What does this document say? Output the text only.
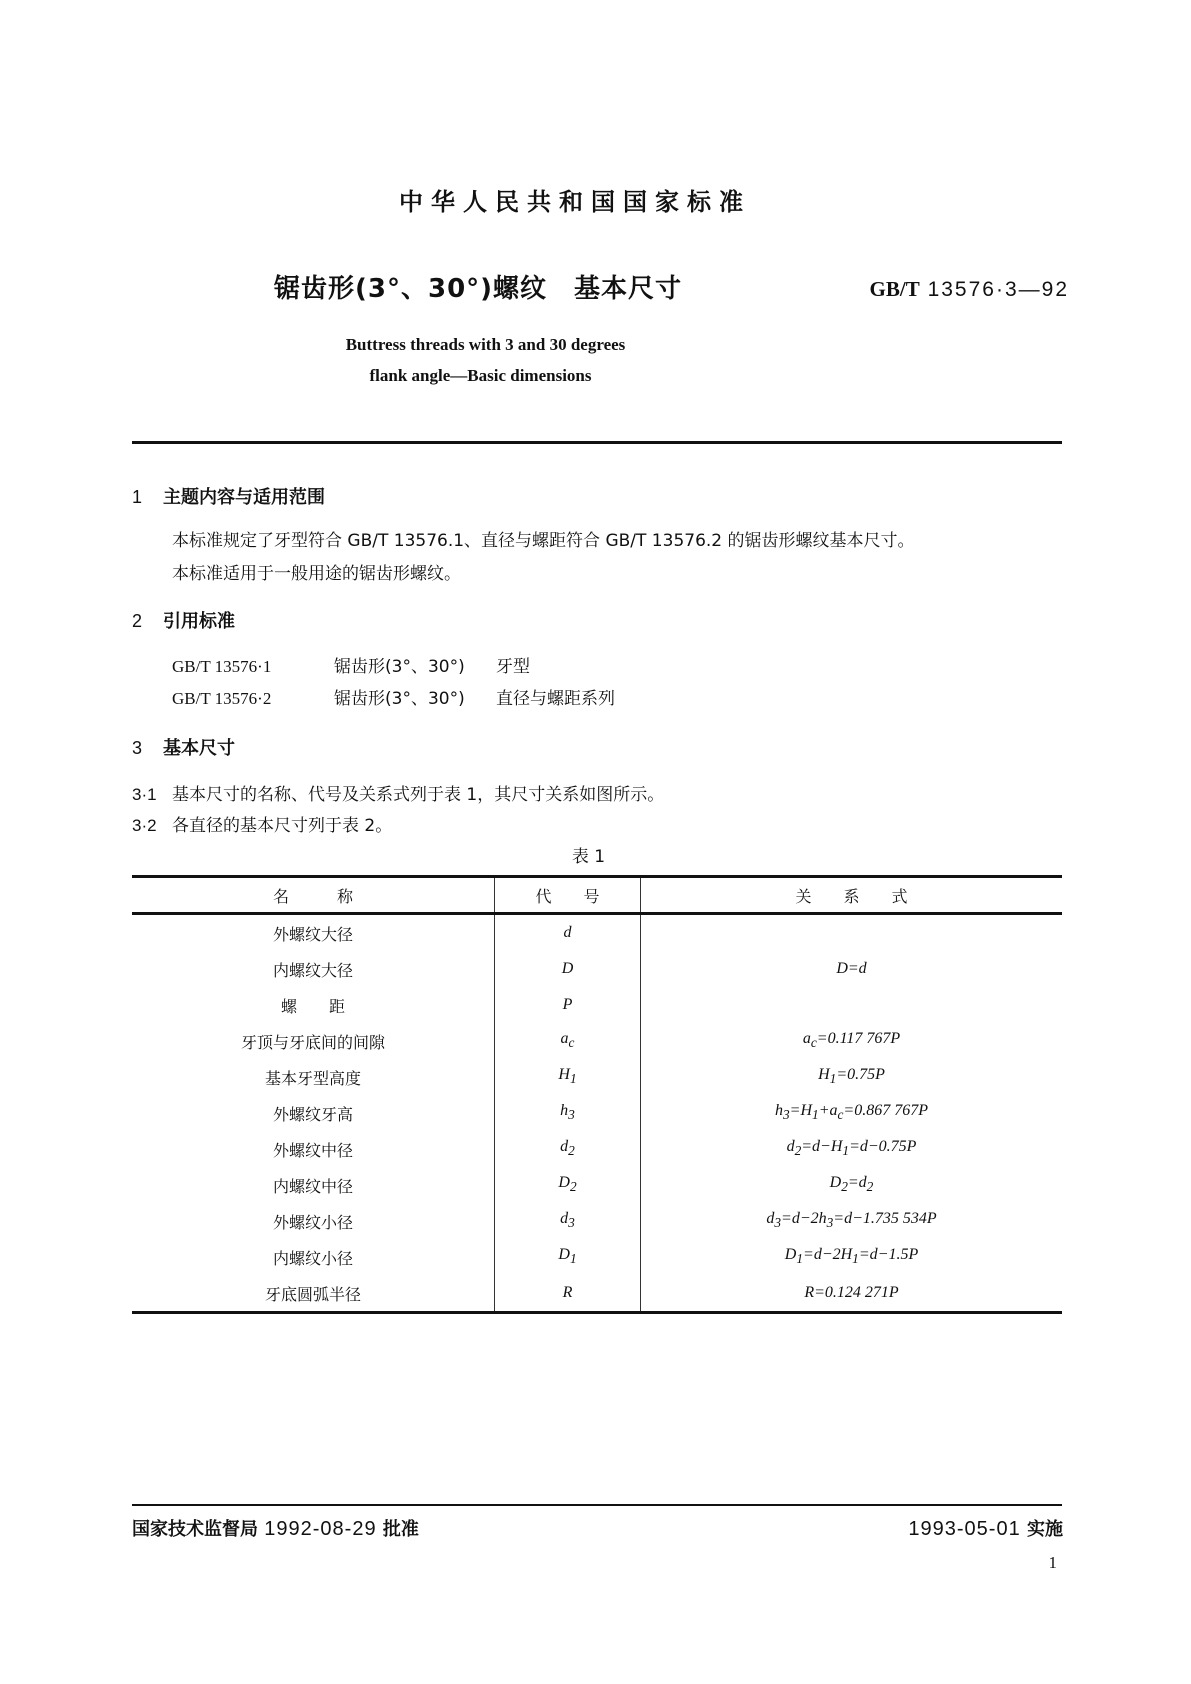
中华人民共和国国家标准
锯齿形(3°、30°)螺纹　基本尺寸	GB/T 13576·3—92
Buttress threads with 3 and 30 degrees
flank angle—Basic dimensions
1 主题内容与适用范围
本标准规定了牙型符合 GB/T 13576.1、直径与螺距符合 GB/T 13576.2 的锯齿形螺纹基本尺寸。
本标准适用于一般用途的锯齿形螺纹。
2 引用标准
GB/T 13576·1	锯齿形(3°、30°) 牙型
GB/T 13576·2	锯齿形(3°、30°) 直径与螺距系列
3 基本尺寸
3·1 基本尺寸的名称、代号及关系式列于表 1，其尺寸关系如图所示。
3·2 各直径的基本尺寸列于表 2。
表 1
名　　　称	代　　号	关　　系　　式
外螺纹大径	d	
内螺纹大径	D	D=d
螺　　距	P	
牙顶与牙底间的间隙	$a_c$	$a_c=0.117$ 767P
基本牙型高度	$H_1$	$H_1=0.75P$
外螺纹牙高	$h_3$	$h_3=H_1+a_c=0.867$ 767P
外螺纹中径	$d_2$	$d_2=d-H_1=d-0.75P$
内螺纹中径	$D_2$	$D_2=d_2$
外螺纹小径	$d_3$	$d_3=d-2h_3=d-1.735$ 534P
内螺纹小径	$D_1$	$D_1=d-2H_1=d-1.5P$
牙底圆弧半径	R	R=0.124 271P
国家技术监督局 1992-08-29 批准	1993-05-01 实施
1
